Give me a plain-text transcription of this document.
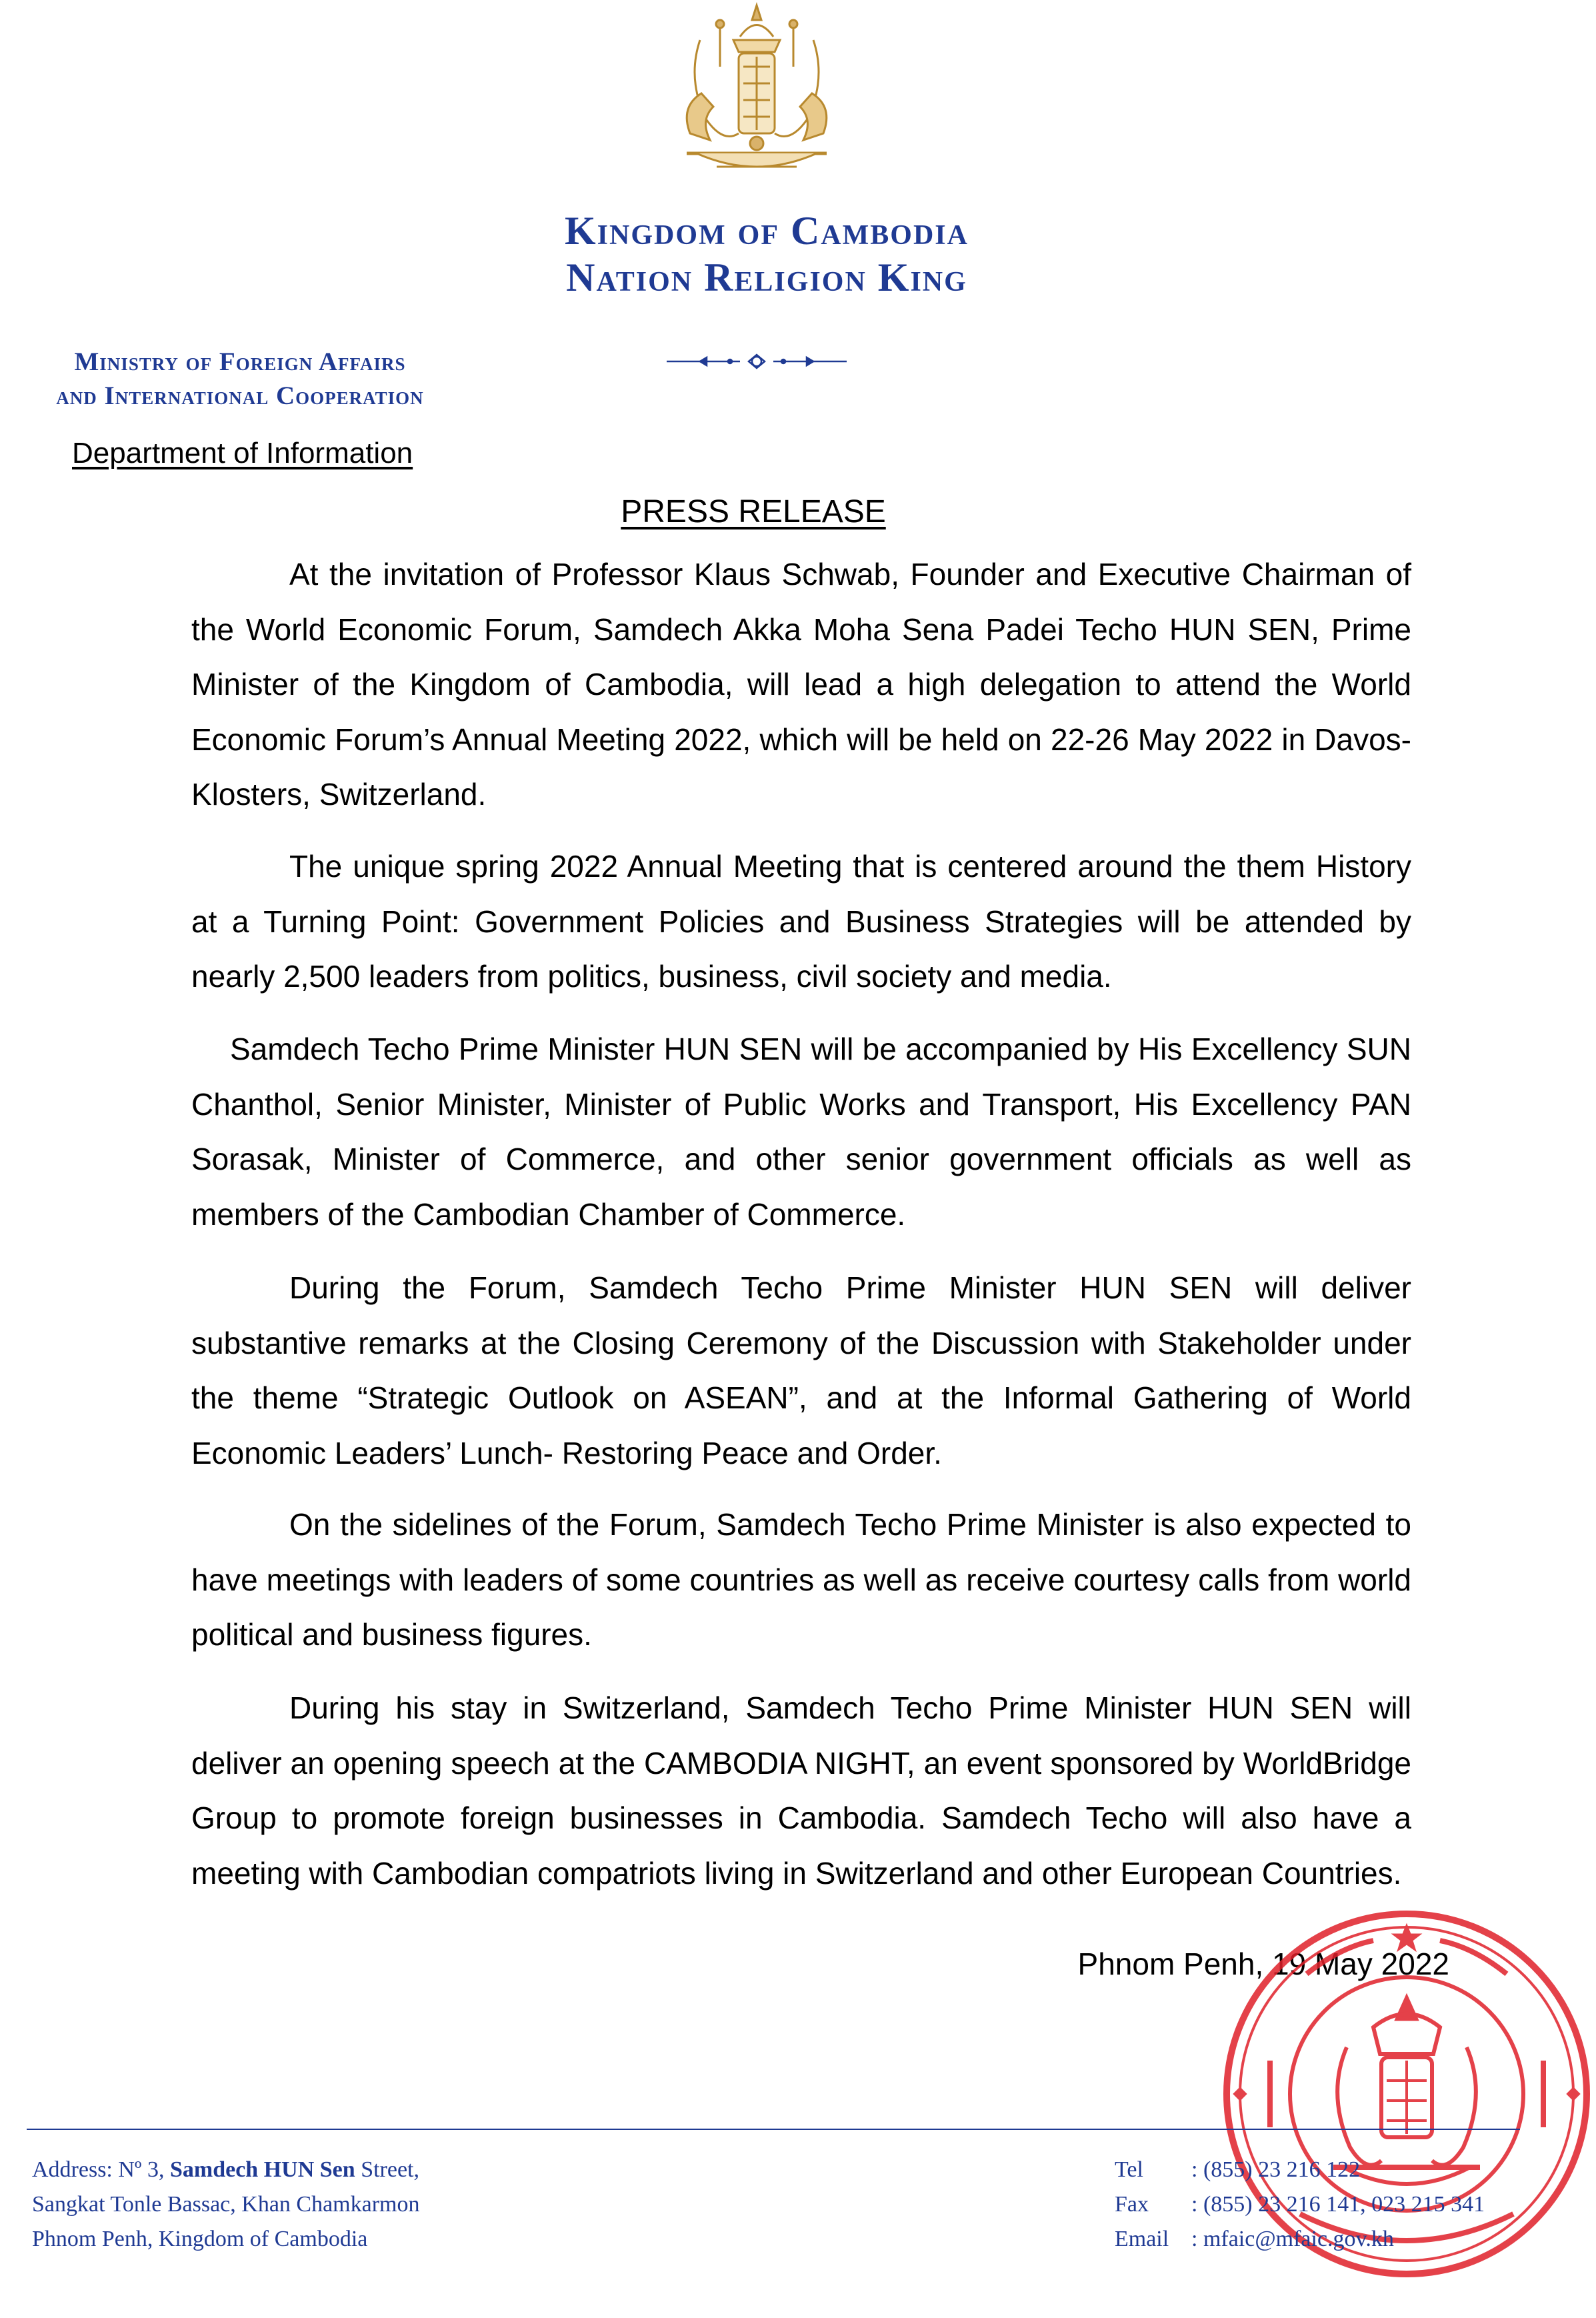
Kingdom of Cambodia
Nation Religion King
Ministry of Foreign Affairs
and International Cooperation
Department of Information
PRESS RELEASE

At the invitation of Professor Klaus Schwab, Founder and Executive Chairman of the World Economic Forum, Samdech Akka Moha Sena Padei Techo HUN SEN, Prime Minister of the Kingdom of Cambodia, will lead a high delegation to attend the World Economic Forum’s Annual Meeting 2022, which will be held on 22-26 May 2022 in Davos-Klosters, Switzerland.

The unique spring 2022 Annual Meeting that is centered around the them History at a Turning Point: Government Policies and Business Strategies will be attended by nearly 2,500 leaders from politics, business, civil society and media.

Samdech Techo Prime Minister HUN SEN will be accompanied by His Excellency SUN Chanthol, Senior Minister, Minister of Public Works and Transport, His Excellency PAN Sorasak, Minister of Commerce, and other senior government officials as well as members of the Cambodian Chamber of Commerce.

During the Forum, Samdech Techo Prime Minister HUN SEN will deliver substantive remarks at the Closing Ceremony of the Discussion with Stakeholder under the theme “Strategic Outlook on ASEAN”, and at the Informal Gathering of World Economic Leaders’ Lunch- Restoring Peace and Order.

On the sidelines of the Forum, Samdech Techo Prime Minister is also expected to have meetings with leaders of some countries as well as receive courtesy calls from world political and business figures.

During his stay in Switzerland, Samdech Techo Prime Minister HUN SEN will deliver an opening speech at the CAMBODIA NIGHT, an event sponsored by WorldBridge Group to promote foreign businesses in Cambodia. Samdech Techo will also have a meeting with Cambodian compatriots living in Switzerland and other European Countries.

Phnom Penh, 19 May 2022
Address: Nº 3, Samdech HUN Sen Street,
Sangkat Tonle Bassac, Khan Chamkarmon
Phnom Penh, Kingdom of Cambodia
Tel : (855) 23 216 122
Fax : (855) 23 216 141, 023 215 341
Email : mfaic@mfaic.gov.kh
